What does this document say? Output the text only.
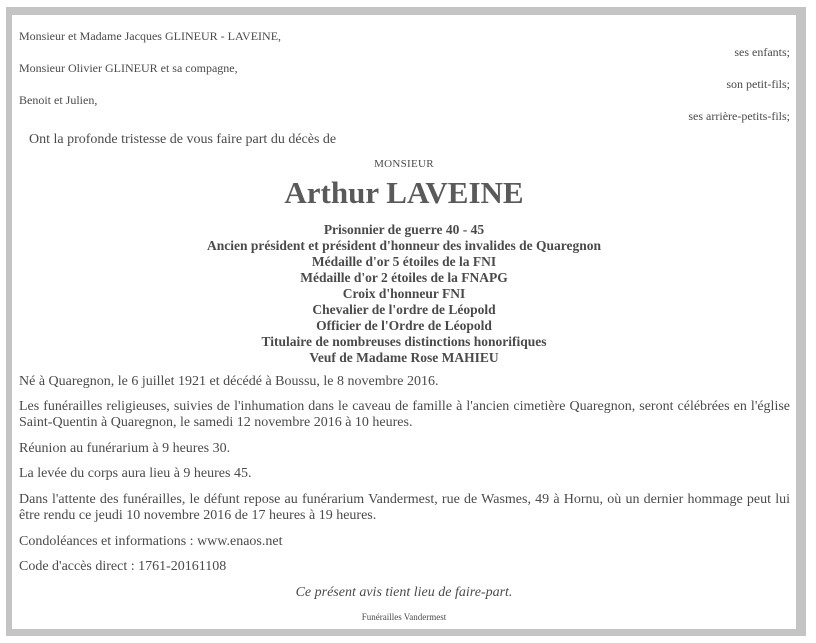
Monsieur et Madame Jacques GLINEUR - LAVEINE,
ses enfants;
Monsieur Olivier GLINEUR et sa compagne,
son petit-fils;
Benoit et Julien,
ses arrière-petits-fils;
Ont la profonde tristesse de vous faire part du décès de
MONSIEUR
Arthur LAVEINE
Prisonnier de guerre 40 - 45
Ancien président et président d'honneur des invalides de Quaregnon
Médaille d'or 5 étoiles de la FNI
Médaille d'or 2 étoiles de la FNAPG
Croix d'honneur FNI
Chevalier de l'ordre de Léopold
Officier de l'Ordre de Léopold
Titulaire de nombreuses distinctions honorifiques
Veuf de Madame Rose MAHIEU
Né à Quaregnon, le 6 juillet 1921 et décédé à Boussu, le 8 novembre 2016.
Les funérailles religieuses, suivies de l'inhumation dans le caveau de famille à l'ancien cimetière Quaregnon, seront célébrées en l'église Saint-Quentin à Quaregnon, le samedi 12 novembre 2016 à 10 heures.
Réunion au funérarium à 9 heures 30.
La levée du corps aura lieu à 9 heures 45.
Dans l'attente des funérailles, le défunt repose au funérarium Vandermest, rue de Wasmes, 49 à Hornu, où un dernier hommage peut lui être rendu ce jeudi 10 novembre 2016 de 17 heures à 19 heures.
Condoléances et informations : www.enaos.net
Code d'accès direct : 1761-20161108
Ce présent avis tient lieu de faire-part.
Funérailles Vandermest
